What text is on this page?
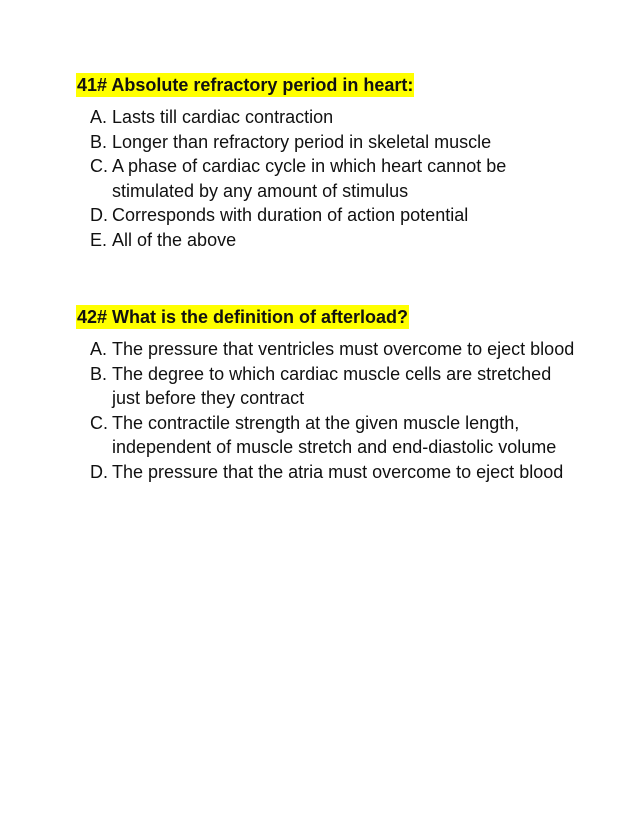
41# Absolute refractory period in heart:
A. Lasts till cardiac contraction
B. Longer than refractory period in skeletal muscle
C. A phase of cardiac cycle in which heart cannot be stimulated by any amount of stimulus
D. Corresponds with duration of action potential
E. All of the above
42# What is the definition of afterload?
A. The pressure that ventricles must overcome to eject blood
B. The degree to which cardiac muscle cells are stretched just before they contract
C. The contractile strength at the given muscle length, independent of muscle stretch and end-diastolic volume
D. The pressure that the atria must overcome to eject blood
